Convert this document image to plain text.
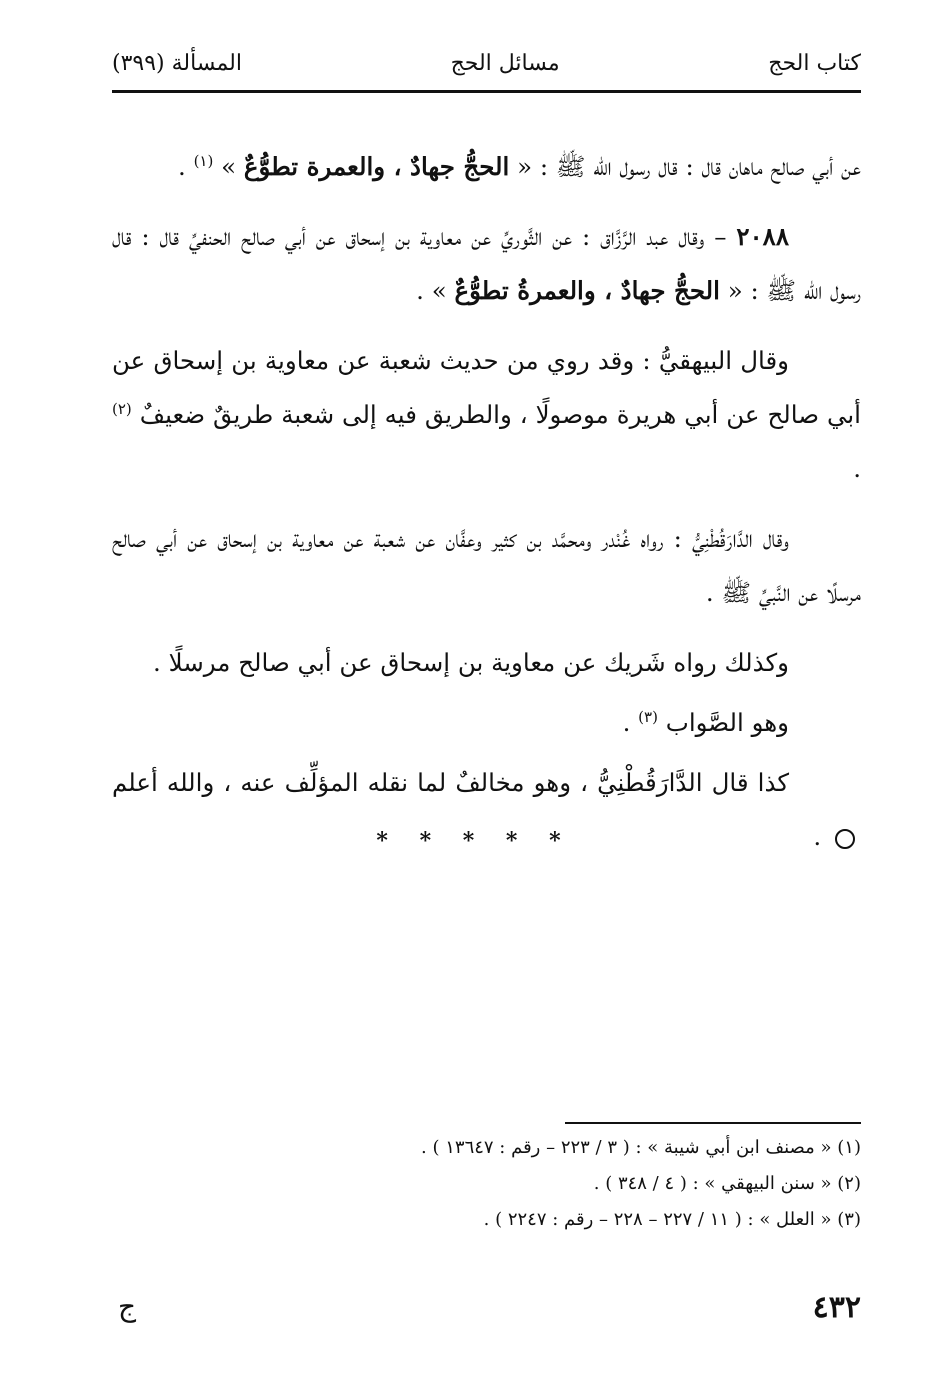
كتاب الحج
مسائل الحج
المسألة (٣٩٩)

عن أبي صالح ماهان قال : قال رسول الله ﷺ : « الحجُّ جهادٌ ، والعمرة تطوُّعٌ » $^{(١)}$ .

٢٠٨٨ – وقال عبد الرَّزَّاق : عن الثَّوريِّ عن معاوية بن إسحاق عن أبي صالح الحنفيِّ قال : قال رسول الله ﷺ : « الحجُّ جهادٌ ، والعمرةُ تطوُّعٌ » .

وقال البيهقيُّ : وقد روي من حديث شعبة عن معاوية بن إسحاق عن أبي صالح عن أبي هريرة موصولًا ، والطريق فيه إلى شعبة طريقٌ ضعيفٌ $^{(٢)}$ .

وقال الدَّارَقُطْنِيُّ : رواه غُنْدر ومحمَّد بن كثير وعفَّان عن شعبة عن معاوية بن إسحاق عن أبي صالح مرسلًا عن النَّبيِّ ﷺ .

وكذلك رواه شَريك عن معاوية بن إسحاق عن أبي صالح مرسلًا .

وهو الصَّواب $^{(٣)}$ .

كذا قال الدَّارَقُطْنِيُّ ، وهو مخالفٌ لما نقله المؤلِّف عنه ، والله أعلم .

* * * * *
(١) « مصنف ابن أبي شيبة » : ( ٣ / ٢٢٣ – رقم : ١٣٦٤٧ ) .
(٢) « سنن البيهقي » : ( ٤ / ٣٤٨ ) .
(٣) « العلل » : ( ١١ / ٢٢٧ – ٢٢٨ – رقم : ٢٢٤٧ ) .
٤٣٢
ج
